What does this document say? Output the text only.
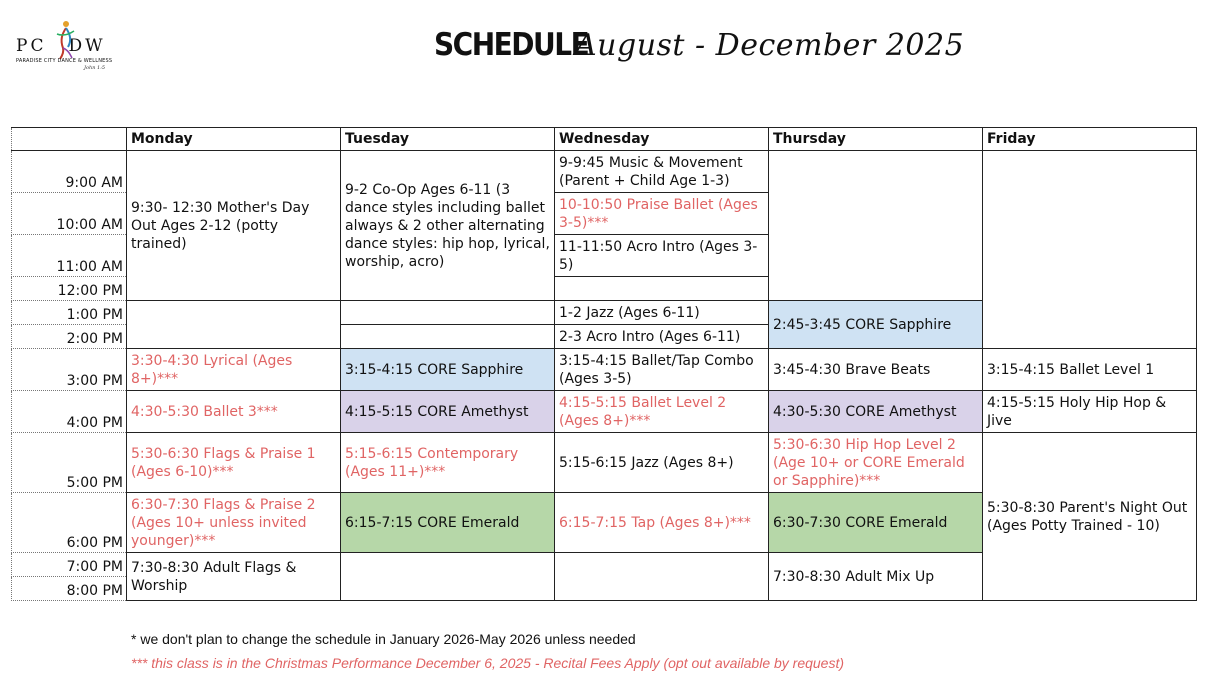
PC DW
PARADISE CITY DANCE & WELLNESS
John 1:5
SCHEDULE
August - December 2025
	Monday	Tuesday	Wednesday	Thursday	Friday
9:00 AM	9:30- 12:30 Mother's Day Out Ages 2-12 (potty trained)	9-2 Co-Op Ages 6-11 (3 dance styles including ballet always & 2 other alternating dance styles: hip hop, lyrical, worship, acro)	9-9:45 Music & Movement (Parent + Child Age 1-3)		
10:00 AM			10-10:50 Praise Ballet (Ages 3-5)***		
11:00 AM			11-11:50 Acro Intro (Ages 3-5)		
12:00 PM					
1:00 PM			1-2 Jazz (Ages 6-11)	2:45-3:45 CORE Sapphire	
2:00 PM			2-3 Acro Intro (Ages 6-11)		
3:00 PM	3:30-4:30 Lyrical (Ages 8+)***	3:15-4:15 CORE Sapphire	3:15-4:15 Ballet/Tap Combo (Ages 3-5)	3:45-4:30 Brave Beats	3:15-4:15 Ballet Level 1
4:00 PM	4:30-5:30 Ballet 3***	4:15-5:15 CORE Amethyst	4:15-5:15 Ballet Level 2 (Ages 8+)***	4:30-5:30 CORE Amethyst	4:15-5:15 Holy Hip Hop & Jive
5:00 PM	5:30-6:30 Flags & Praise 1 (Ages 6-10)***	5:15-6:15 Contemporary (Ages 11+)***	5:15-6:15 Jazz (Ages 8+)	5:30-6:30 Hip Hop Level 2 (Age 10+ or CORE Emerald or Sapphire)***	5:30-8:30 Parent's Night Out (Ages Potty Trained - 10)
6:00 PM	6:30-7:30 Flags & Praise 2 (Ages 10+ unless invited younger)***	6:15-7:15 CORE Emerald	6:15-7:15 Tap (Ages 8+)***	6:30-7:30 CORE Emerald	
7:00 PM	7:30-8:30 Adult Flags & Worship			7:30-8:30 Adult Mix Up	
8:00 PM					
* we don't plan to change the schedule in January 2026-May 2026 unless needed
*** this class is in the Christmas Performance December 6, 2025 - Recital Fees Apply (opt out available by request)
